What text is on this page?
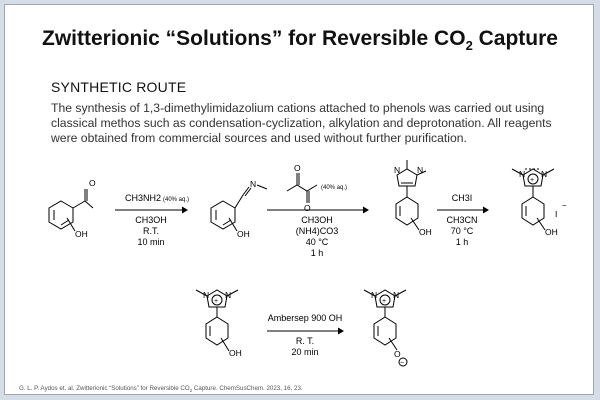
Zwitterionic “Solutions” for Reversible $CO_2$ Capture
SYNTHETIC ROUTE
The synthesis of 1,3-dimethylimidazolium cations attached to phenols was carried out using classical methos such as condensation-cyclization, alkylation and deprotonation. All reagents were obtained from commercial sources and used without further purification.
O
OH
CH3NH2 (40% aq.)
CH3OH
R.T.
10 min
N
OH
O
O
(40% aq.)
CH3OH
(NH4)CO3
40 °C
1 h
N N
OH
CH3I
CH3CN
70 °C
1 h
N N
+
I
−
OH
N N
+
OH
Ambersep 900 OH
R. T.
20 min
N N
+
O
−
G. L. P. Aydos et. al. Zwitterionic “Solutions” for Reversible $CO_2$ Capture. ChemSusChem. 2023, 16, 23.
